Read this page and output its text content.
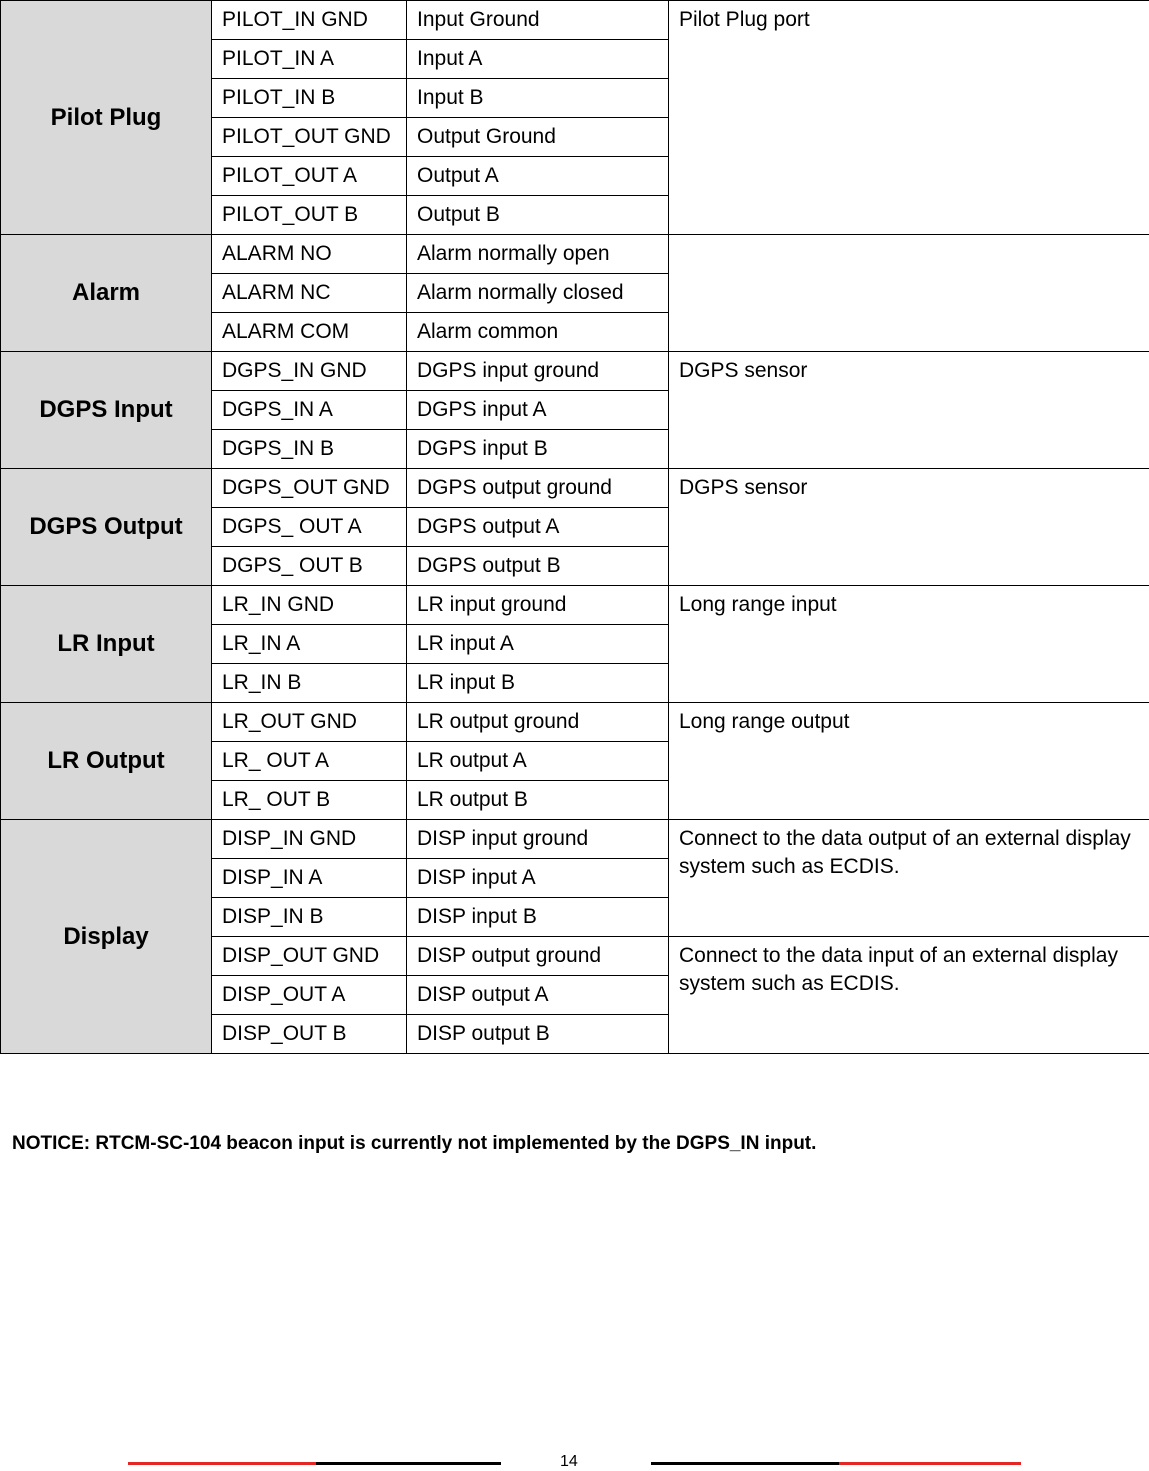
Pilot Plug	PILOT_IN GND	Input Ground	Pilot Plug port
	PILOT_IN A	Input A	
	PILOT_IN B	Input B	
	PILOT_OUT GND	Output Ground	
	PILOT_OUT A	Output A	
	PILOT_OUT B	Output B	
Alarm	ALARM NO	Alarm normally open	
	ALARM NC	Alarm normally closed	
	ALARM COM	Alarm common	
DGPS Input	DGPS_IN GND	DGPS input ground	DGPS sensor
	DGPS_IN A	DGPS input A	
	DGPS_IN B	DGPS input B	
DGPS Output	DGPS_OUT GND	DGPS output ground	DGPS sensor
	DGPS_ OUT A	DGPS output A	
	DGPS_ OUT B	DGPS output B	
LR Input	LR_IN GND	LR input ground	Long range input
	LR_IN A	LR input A	
	LR_IN B	LR input B	
LR Output	LR_OUT GND	LR output ground	Long range output
	LR_ OUT A	LR output A	
	LR_ OUT B	LR output B	
Display	DISP_IN GND	DISP input ground	Connect to the data output of an external display system such as ECDIS.
	DISP_IN A	DISP input A	
	DISP_IN B	DISP input B	
	DISP_OUT GND	DISP output ground	Connect to the data input of an external display system such as ECDIS.
	DISP_OUT A	DISP output A	
	DISP_OUT B	DISP output B	
NOTICE: RTCM-SC-104 beacon input is currently not implemented by the DGPS_IN input.
14
